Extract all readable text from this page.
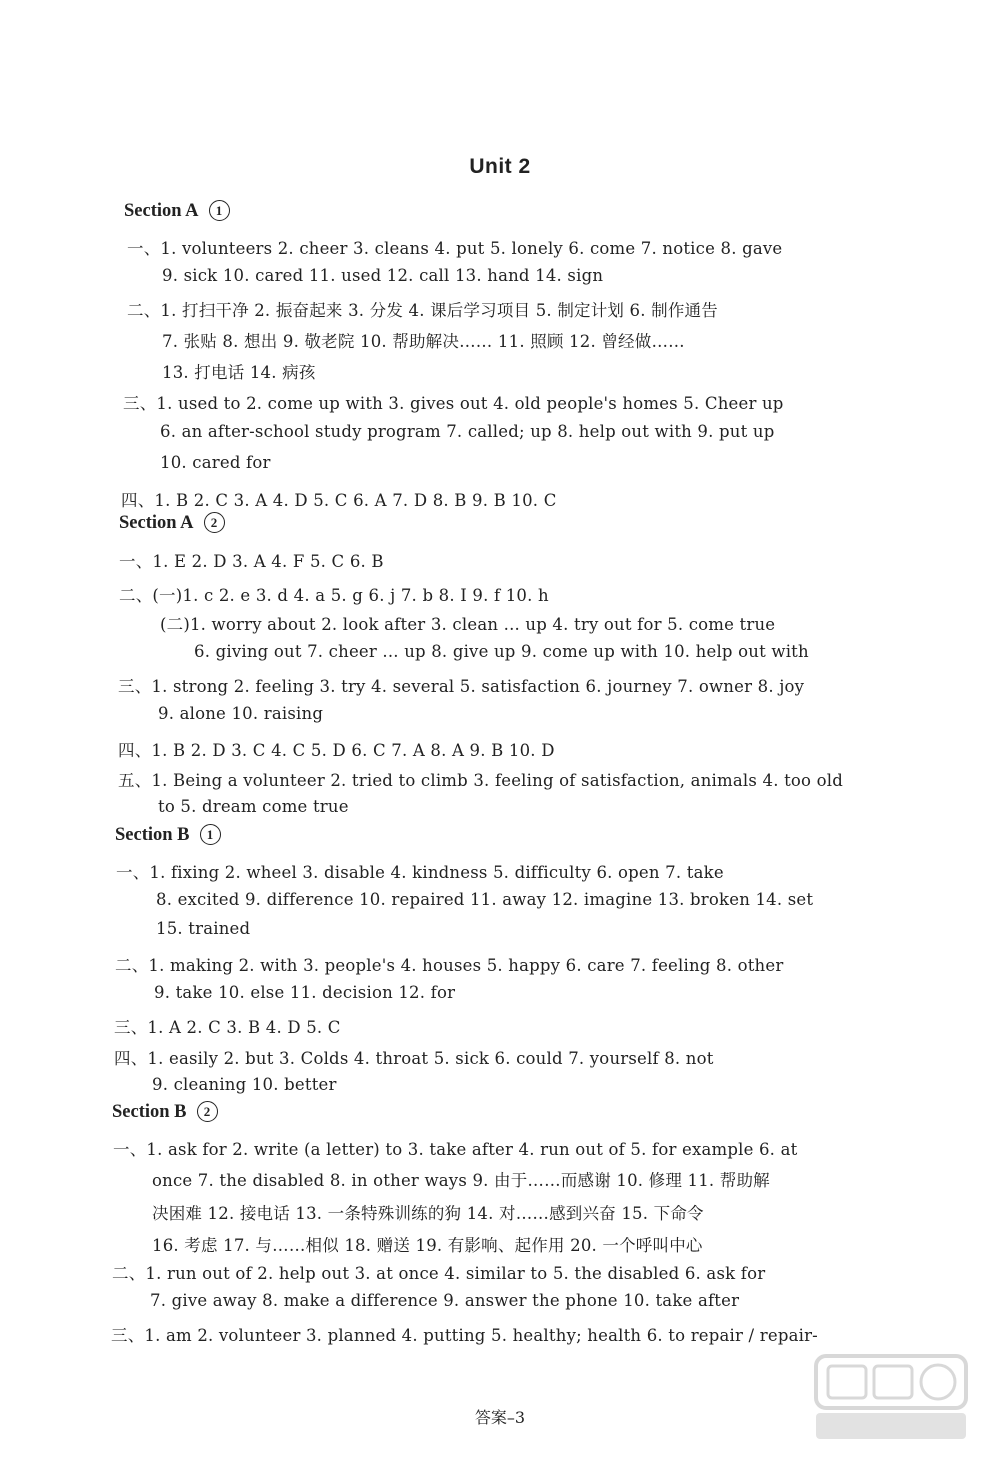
Unit 2
Section A 1
一、1. volunteers 2. cheer 3. cleans 4. put 5. lonely 6. come 7. notice 8. gave
9. sick 10. cared 11. used 12. call 13. hand 14. sign
二、1. 打扫干净 2. 振奋起来 3. 分发 4. 课后学习项目 5. 制定计划 6. 制作通告
7. 张贴 8. 想出 9. 敬老院 10. 帮助解决…… 11. 照顾 12. 曾经做……
13. 打电话 14. 病孩
三、1. used to 2. come up with 3. gives out 4. old people's homes 5. Cheer up
6. an after-school study program 7. called; up 8. help out with 9. put up
10. cared for
四、1. B 2. C 3. A 4. D 5. C 6. A 7. D 8. B 9. B 10. C
Section A 2
一、1. E 2. D 3. A 4. F 5. C 6. B
二、(一)1. c 2. e 3. d 4. a 5. g 6. j 7. b 8. I 9. f 10. h
(二)1. worry about 2. look after 3. clean ... up 4. try out for 5. come true
6. giving out 7. cheer ... up 8. give up 9. come up with 10. help out with
三、1. strong 2. feeling 3. try 4. several 5. satisfaction 6. journey 7. owner 8. joy
9. alone 10. raising
四、1. B 2. D 3. C 4. C 5. D 6. C 7. A 8. A 9. B 10. D
五、1. Being a volunteer 2. tried to climb 3. feeling of satisfaction, animals 4. too old
to 5. dream come true
Section B 1
一、1. fixing 2. wheel 3. disable 4. kindness 5. difficulty 6. open 7. take
8. excited 9. difference 10. repaired 11. away 12. imagine 13. broken 14. set
15. trained
二、1. making 2. with 3. people's 4. houses 5. happy 6. care 7. feeling 8. other
9. take 10. else 11. decision 12. for
三、1. A 2. C 3. B 4. D 5. C
四、1. easily 2. but 3. Colds 4. throat 5. sick 6. could 7. yourself 8. not
9. cleaning 10. better
Section B 2
一、1. ask for 2. write (a letter) to 3. take after 4. run out of 5. for example 6. at
once 7. the disabled 8. in other ways 9. 由于……而感谢 10. 修理 11. 帮助解
决困难 12. 接电话 13. 一条特殊训练的狗 14. 对……感到兴奋 15. 下命令
16. 考虑 17. 与……相似 18. 赠送 19. 有影响、起作用 20. 一个呼叫中心
二、1. run out of 2. help out 3. at once 4. similar to 5. the disabled 6. ask for
7. give away 8. make a difference 9. answer the phone 10. take after
三、1. am 2. volunteer 3. planned 4. putting 5. healthy; health 6. to repair / repair-
答案–3
